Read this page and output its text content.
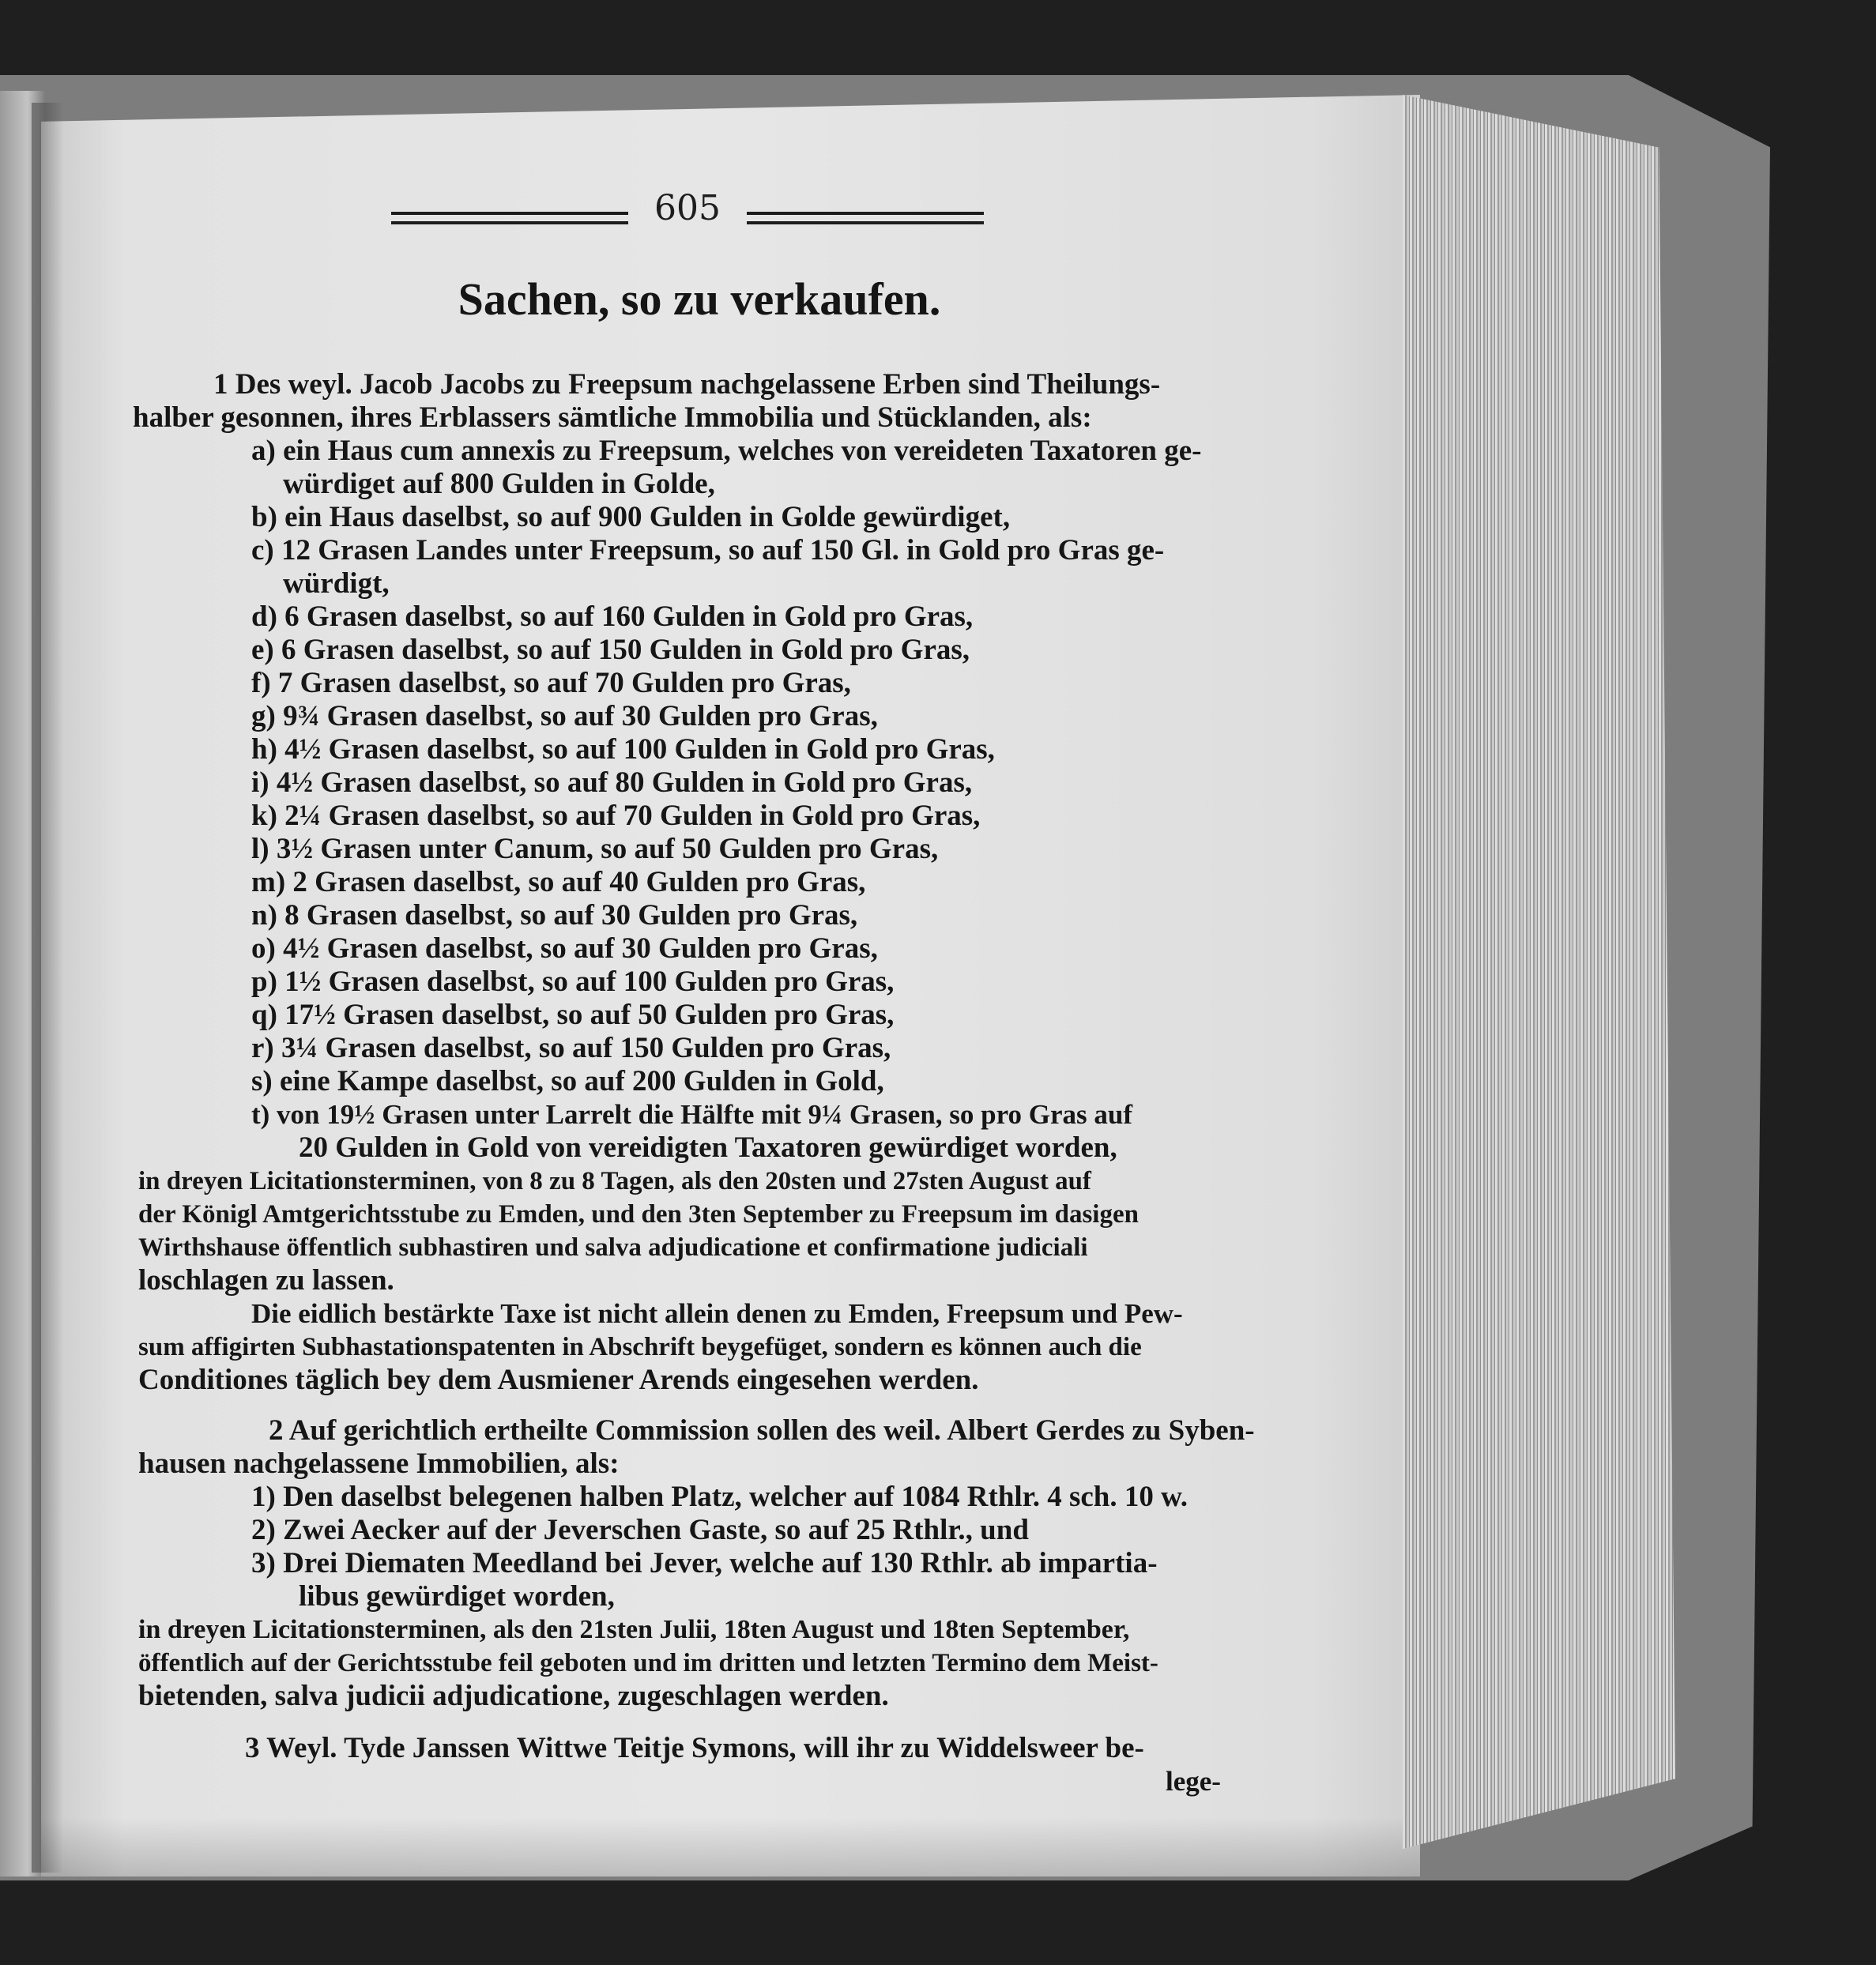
605
Sachen, so zu verkaufen.
1 Des weyl. Jacob Jacobs zu Freepsum nachgelassene Erben sind Theilungs-
halber gesonnen, ihres Erblassers sämtliche Immobilia und Stücklanden, als:
a) ein Haus cum annexis zu Freepsum, welches von vereideten Taxatoren ge-
würdiget auf 800 Gulden in Golde,
b) ein Haus daselbst, so auf 900 Gulden in Golde gewürdiget,
c) 12 Grasen Landes unter Freepsum, so auf 150 Gl. in Gold pro Gras ge-
würdigt,
d) 6 Grasen daselbst, so auf 160 Gulden in Gold pro Gras,
e) 6 Grasen daselbst, so auf 150 Gulden in Gold pro Gras,
f) 7 Grasen daselbst, so auf 70 Gulden pro Gras,
g) 9¾ Grasen daselbst, so auf 30 Gulden pro Gras,
h) 4½ Grasen daselbst, so auf 100 Gulden in Gold pro Gras,
i) 4½ Grasen daselbst, so auf 80 Gulden in Gold pro Gras,
k) 2¼ Grasen daselbst, so auf 70 Gulden in Gold pro Gras,
l) 3½ Grasen unter Canum, so auf 50 Gulden pro Gras,
m) 2 Grasen daselbst, so auf 40 Gulden pro Gras,
n) 8 Grasen daselbst, so auf 30 Gulden pro Gras,
o) 4½ Grasen daselbst, so auf 30 Gulden pro Gras,
p) 1½ Grasen daselbst, so auf 100 Gulden pro Gras,
q) 17½ Grasen daselbst, so auf 50 Gulden pro Gras,
r) 3¼ Grasen daselbst, so auf 150 Gulden pro Gras,
s) eine Kampe daselbst, so auf 200 Gulden in Gold,
t) von 19½ Grasen unter Larrelt die Hälfte mit 9¼ Grasen, so pro Gras auf
20 Gulden in Gold von vereidigten Taxatoren gewürdiget worden,
in dreyen Licitationsterminen, von 8 zu 8 Tagen, als den 20sten und 27sten August auf
der Königl Amtgerichtsstube zu Emden, und den 3ten September zu Freepsum im dasigen
Wirthshause öffentlich subhastiren und salva adjudicatione et confirmatione judiciali
loschlagen zu lassen.
Die eidlich bestärkte Taxe ist nicht allein denen zu Emden, Freepsum und Pew-
sum affigirten Subhastationspatenten in Abschrift beygefüget, sondern es können auch die
Conditiones täglich bey dem Ausmiener Arends eingesehen werden.
2 Auf gerichtlich ertheilte Commission sollen des weil. Albert Gerdes zu Syben-
hausen nachgelassene Immobilien, als:
1) Den daselbst belegenen halben Platz, welcher auf 1084 Rthlr. 4 sch. 10 w.
2) Zwei Aecker auf der Jeverschen Gaste, so auf 25 Rthlr., und
3) Drei Diematen Meedland bei Jever, welche auf 130 Rthlr. ab impartia-
libus gewürdiget worden,
in dreyen Licitationsterminen, als den 21sten Julii, 18ten August und 18ten September,
öffentlich auf der Gerichtsstube feil geboten und im dritten und letzten Termino dem Meist-
bietenden, salva judicii adjudicatione, zugeschlagen werden.
3 Weyl. Tyde Janssen Wittwe Teitje Symons, will ihr zu Widdelsweer be-
lege-
